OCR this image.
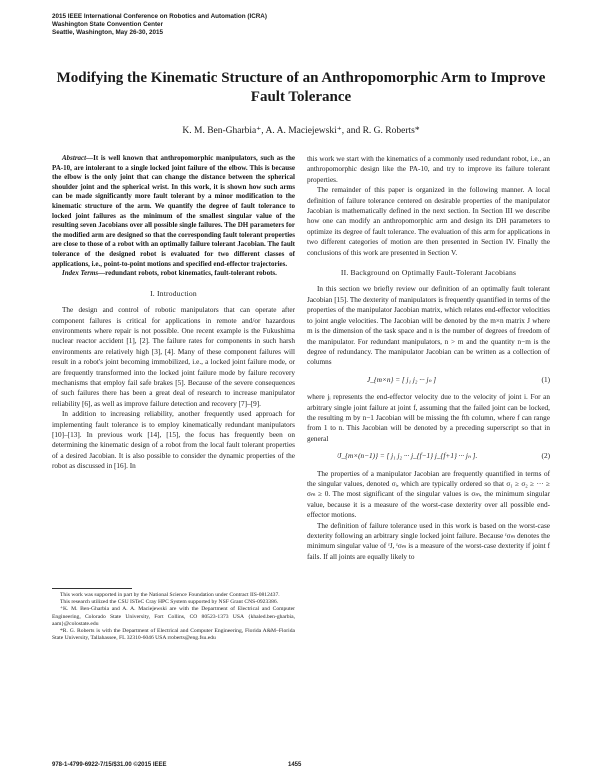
2015 IEEE International Conference on Robotics and Automation (ICRA)
Washington State Convention Center
Seattle, Washington, May 26-30, 2015
Modifying the Kinematic Structure of an Anthropomorphic Arm to Improve Fault Tolerance
K. M. Ben-Gharbia⁺, A. A. Maciejewski⁺, and R. G. Roberts*

Abstract—It is well known that anthropomorphic manipulators, such as the PA-10, are intolerant to a single locked joint failure of the elbow. This is because the elbow is the only joint that can change the distance between the spherical shoulder joint and the spherical wrist. In this work, it is shown how such arms can be made significantly more fault tolerant by a minor modification to the kinematic structure of the arm. We quantify the degree of fault tolerance to locked joint failures as the minimum of the smallest singular value of the resulting seven Jacobians over all possible single failures. The DH parameters for the modified arm are designed so that the corresponding fault tolerant properties are close to those of a robot with an optimally failure tolerant Jacobian. The fault tolerance of the designed robot is evaluated for two different classes of applications, i.e., point-to-point motions and specified end-effector trajectories.

Index Terms—redundant robots, robot kinematics, fault-tolerant robots.

I. Introduction

The design and control of robotic manipulators that can operate after component failures is critical for applications in remote and/or hazardous environments where repair is not possible. One recent example is the Fukushima nuclear reactor accident [1], [2]. The failure rates for components in such harsh environments are relatively high [3], [4]. Many of these component failures will result in a robot's joint becoming immobilized, i.e., a locked joint failure mode, or are frequently transformed into the locked joint failure mode by failure recovery mechanisms that employ fail safe brakes [5]. Because of the severe consequences of such failures there has been a great deal of research to increase manipulator reliability [6], as well as improve failure detection and recovery [7]–[9].

In addition to increasing reliability, another frequently used approach for implementing fault tolerance is to employ kinematically redundant manipulators [10]–[13]. In previous work [14], [15], the focus has frequently been on determining the kinematic design of a robot from the local fault tolerant properties of a desired Jacobian. It is also possible to consider the dynamic properties of the robot as discussed in [16]. In

This work was supported in part by the National Science Foundation under Contract IIS-0812437.

This research utilized the CSU ISTeC Cray HPC System supported by NSF Grant CNS-0923386.

⁺K. M. Ben-Gharbia and A. A. Maciejewski are with the Department of Electrical and Computer Engineering, Colorado State University, Fort Collins, CO 80523-1373 USA {khaled.ben-gharbia, aam}@colostate.edu

*R. G. Roberts is with the Department of Electrical and Computer Engineering, Florida A&M–Florida State University, Tallahassee, FL 32310-6046 USA rroberts@eng.fsu.edu

this work we start with the kinematics of a commonly used redundant robot, i.e., an anthropomorphic design like the PA-10, and try to improve its failure tolerant properties.

The remainder of this paper is organized in the following manner. A local definition of failure tolerance centered on desirable properties of the manipulator Jacobian is mathematically defined in the next section. In Section III we describe how one can modify an anthropomorphic arm and design its DH parameters to optimize its degree of fault tolerance. The evaluation of this arm for applications in two different categories of motion are then presented in Section IV. Finally the conclusions of this work are presented in Section V.

II. Background on Optimally Fault-Tolerant Jacobians

In this section we briefly review our definition of an optimally fault tolerant Jacobian [15]. The dexterity of manipulators is frequently quantified in terms of the properties of the manipulator Jacobian matrix, which relates end-effector velocities to joint angle velocities. The Jacobian will be denoted by the m×n matrix J where m is the dimension of the task space and n is the number of degrees of freedom of the manipulator. For redundant manipulators, n > m and the quantity n−m is the degree of redundancy. The manipulator Jacobian can be written as a collection of columns

J_{m×n} = [ j₁ j₂ ··· jₙ ]	(1)

where jᵢ represents the end-effector velocity due to the velocity of joint i. For an arbitrary single joint failure at joint f, assuming that the failed joint can be locked, the resulting m by n−1 Jacobian will be missing the fth column, where f can range from 1 to n. This Jacobian will be denoted by a preceding superscript so that in general

ᶠJ_{m×(n−1)} = [ j₁ j₂ ··· j_{f−1} j_{f+1} ··· jₙ ].	(2)

The properties of a manipulator Jacobian are frequently quantified in terms of the singular values, denoted σᵢ, which are typically ordered so that σ₁ ≥ σ₂ ≥ ··· ≥ σₘ ≥ 0. The most significant of the singular values is σₘ, the minimum singular value, because it is a measure of the worst-case dexterity over all possible end-effector motions.

The definition of failure tolerance used in this work is based on the worst-case dexterity following an arbitrary single locked joint failure. Because ᶠσₘ denotes the minimum singular value of ᶠJ, ᶠσₘ is a measure of the worst-case dexterity if joint f fails. If all joints are equally likely to

978-1-4799-6922-7/15/$31.00 ©2015 IEEE	1455
